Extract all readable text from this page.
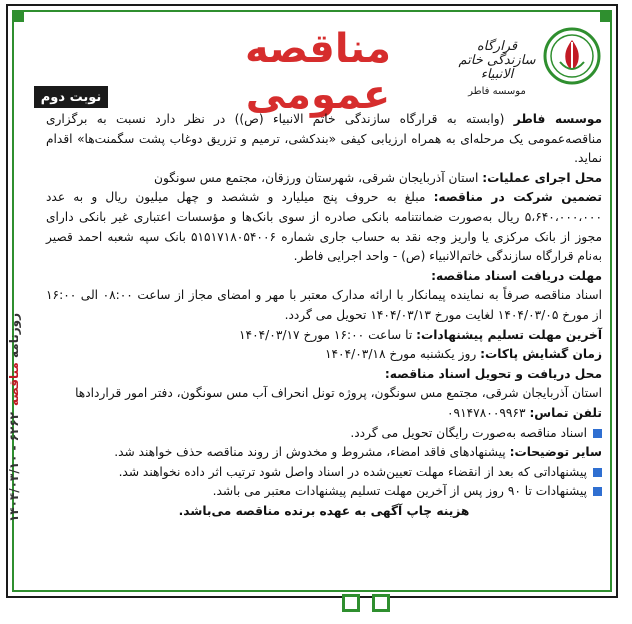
روزنامه مناقصه
۶۲۶۲ - ۱۴۰۴/۰۳/۱۰
قرارگاه سازندگی خاتم الانبیاء
موسسه فاطر
مناقصه عمومی
نوبت دوم

موسسه فاطر (وابسته به قرارگاه سازندگی خاتم الانبیاء (ص)) در نظر دارد نسبت به برگزاری مناقصه‌عمومی یک مرحله‌ای به همراه ارزیابی کیفی «بندکشی، ترمیم و تزریق دوغاب پشت سگمنت‌ها» اقدام نماید.

محل اجرای عملیات: استان آذربایجان شرقی، شهرستان ورزقان، مجتمع مس سونگون

تضمین شرکت در مناقصه: مبلغ به حروف پنج میلیارد و ششصد و چهل میلیون ریال و به عدد ۵،۶۴۰،۰۰۰،۰۰۰ ریال به‌صورت ضمانتنامه بانکی صادره از سوی بانک‌ها و مؤسسات اعتباری غیر بانکی دارای مجوز از بانک مرکزی یا واریز وجه نقد به حساب جاری شماره ۵۱۵۱۷۱۸۰۵۴۰۰۶ بانک سپه شعبه احمد قصیر به‌نام قرارگاه سازندگی خاتم‌الانبیاء (ص) - واحد اجرایی فاطر.

مهلت دریافت اسناد مناقصه:

اسناد مناقصه صرفاً به نماینده پیمانکار با ارائه مدارک معتبر با مهر و امضای مجاز از ساعت ۰۸:۰۰ الی ۱۶:۰۰ از مورخ ۱۴۰۴/۰۳/۰۵ لغایت مورخ ۱۴۰۴/۰۳/۱۳ تحویل می گردد.

آخرین مهلت تسلیم پیشنهادات: تا ساعت ۱۶:۰۰ مورخ ۱۴۰۴/۰۳/۱۷

زمان گشایش پاکات: روز یکشنبه مورخ ۱۴۰۴/۰۳/۱۸

محل دریافت و تحویل اسناد مناقصه:

استان آذربایجان شرقی، مجتمع مس سونگون، پروژه تونل انحراف آب مس سونگون، دفتر امور قراردادها

تلفن تماس: ۰۹۱۴۷۸۰۰۹۹۶۳

اسناد مناقصه به‌صورت رایگان تحویل می گردد.

سایر توضیحات: پیشنهادهای فاقد امضاء، مشروط و مخدوش از روند مناقصه حذف خواهند شد.

پیشنهاداتی که بعد از انقضاء مهلت تعیین‌شده در اسناد واصل شود ترتیب اثر داده نخواهند شد.

پیشنهادات تا ۹۰ روز پس از آخرین مهلت تسلیم پیشنهادات معتبر می باشد.

هزینه چاپ آگهی به عهده برنده مناقصه می‌باشد.
